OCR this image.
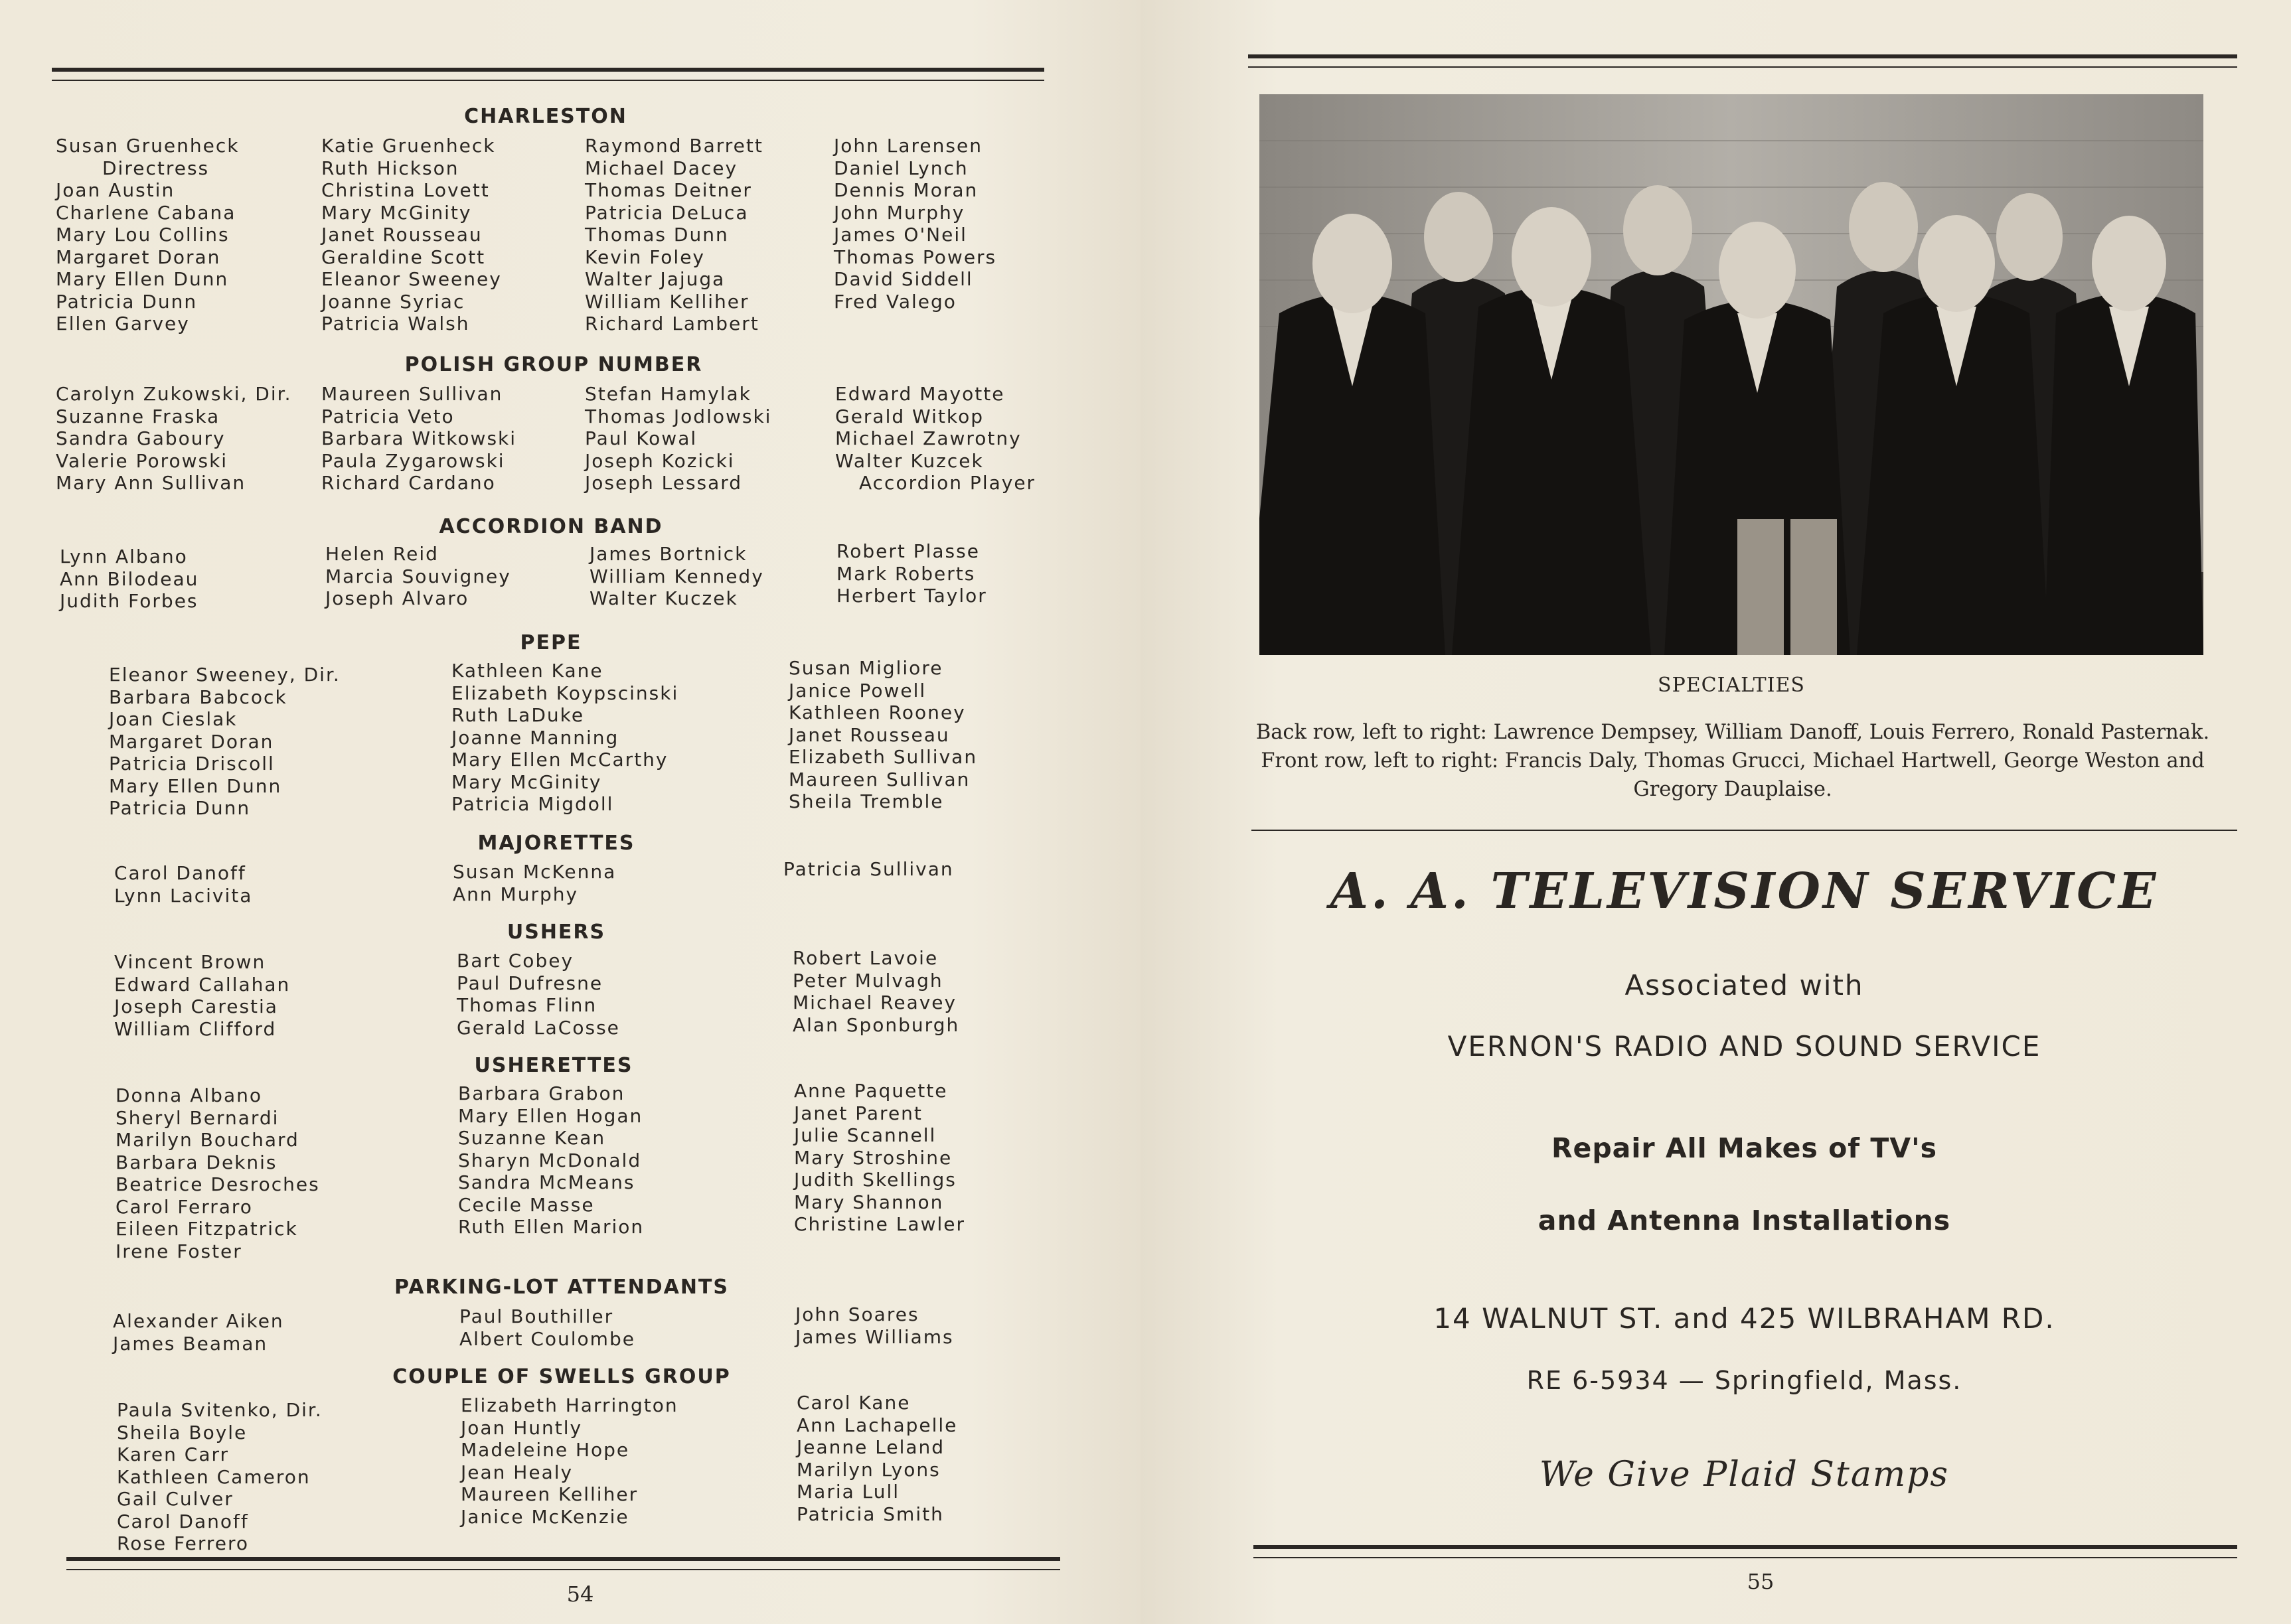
CHARLESTON
Susan Gruenheck
Directress
Joan Austin
Charlene Cabana
Mary Lou Collins
Margaret Doran
Mary Ellen Dunn
Patricia Dunn
Ellen Garvey
Katie Gruenheck
Ruth Hickson
Christina Lovett
Mary McGinity
Janet Rousseau
Geraldine Scott
Eleanor Sweeney
Joanne Syriac
Patricia Walsh
Raymond Barrett
Michael Dacey
Thomas Deitner
Patricia DeLuca
Thomas Dunn
Kevin Foley
Walter Jajuga
William Kelliher
Richard Lambert
John Larensen
Daniel Lynch
Dennis Moran
John Murphy
James O'Neil
Thomas Powers
David Siddell
Fred Valego
POLISH GROUP NUMBER
Carolyn Zukowski, Dir.
Suzanne Fraska
Sandra Gaboury
Valerie Porowski
Mary Ann Sullivan
Maureen Sullivan
Patricia Veto
Barbara Witkowski
Paula Zygarowski
Richard Cardano
Stefan Hamylak
Thomas Jodlowski
Paul Kowal
Joseph Kozicki
Joseph Lessard
Edward Mayotte
Gerald Witkop
Michael Zawrotny
Walter Kuzcek
Accordion Player
ACCORDION BAND
Lynn Albano
Ann Bilodeau
Judith Forbes
Helen Reid
Marcia Souvigney
Joseph Alvaro
James Bortnick
William Kennedy
Walter Kuczek
Robert Plasse
Mark Roberts
Herbert Taylor
PEPE
Eleanor Sweeney, Dir.
Barbara Babcock
Joan Cieslak
Margaret Doran
Patricia Driscoll
Mary Ellen Dunn
Patricia Dunn
Kathleen Kane
Elizabeth Koypscinski
Ruth LaDuke
Joanne Manning
Mary Ellen McCarthy
Mary McGinity
Patricia Migdoll
Susan Migliore
Janice Powell
Kathleen Rooney
Janet Rousseau
Elizabeth Sullivan
Maureen Sullivan
Sheila Tremble
MAJORETTES
Carol Danoff
Lynn Lacivita
Susan McKenna
Ann Murphy
Patricia Sullivan
USHERS
Vincent Brown
Edward Callahan
Joseph Carestia
William Clifford
Bart Cobey
Paul Dufresne
Thomas Flinn
Gerald LaCosse
Robert Lavoie
Peter Mulvagh
Michael Reavey
Alan Sponburgh
USHERETTES
Donna Albano
Sheryl Bernardi
Marilyn Bouchard
Barbara Deknis
Beatrice Desroches
Carol Ferraro
Eileen Fitzpatrick
Irene Foster
Barbara Grabon
Mary Ellen Hogan
Suzanne Kean
Sharyn McDonald
Sandra McMeans
Cecile Masse
Ruth Ellen Marion
Anne Paquette
Janet Parent
Julie Scannell
Mary Stroshine
Judith Skellings
Mary Shannon
Christine Lawler
PARKING-LOT ATTENDANTS
Alexander Aiken
James Beaman
Paul Bouthiller
Albert Coulombe
John Soares
James Williams
COUPLE OF SWELLS GROUP
Paula Svitenko, Dir.
Sheila Boyle
Karen Carr
Kathleen Cameron
Gail Culver
Carol Danoff
Rose Ferrero
Elizabeth Harrington
Joan Huntly
Madeleine Hope
Jean Healy
Maureen Kelliher
Janice McKenzie
Carol Kane
Ann Lachapelle
Jeanne Leland
Marilyn Lyons
Maria Lull
Patricia Smith
54
SPECIALTIES
Back row, left to right: Lawrence Dempsey, William Danoff, Louis Ferrero, Ronald Pasternak. Front row, left to right: Francis Daly, Thomas Grucci, Michael Hartwell, George Weston and Gregory Dauplaise.
A. A. TELEVISION SERVICE
Associated with
VERNON'S RADIO AND SOUND SERVICE
Repair All Makes of TV's
and Antenna Installations
14 WALNUT ST. and 425 WILBRAHAM RD.
RE 6-5934 — Springfield, Mass.
We Give Plaid Stamps
55
